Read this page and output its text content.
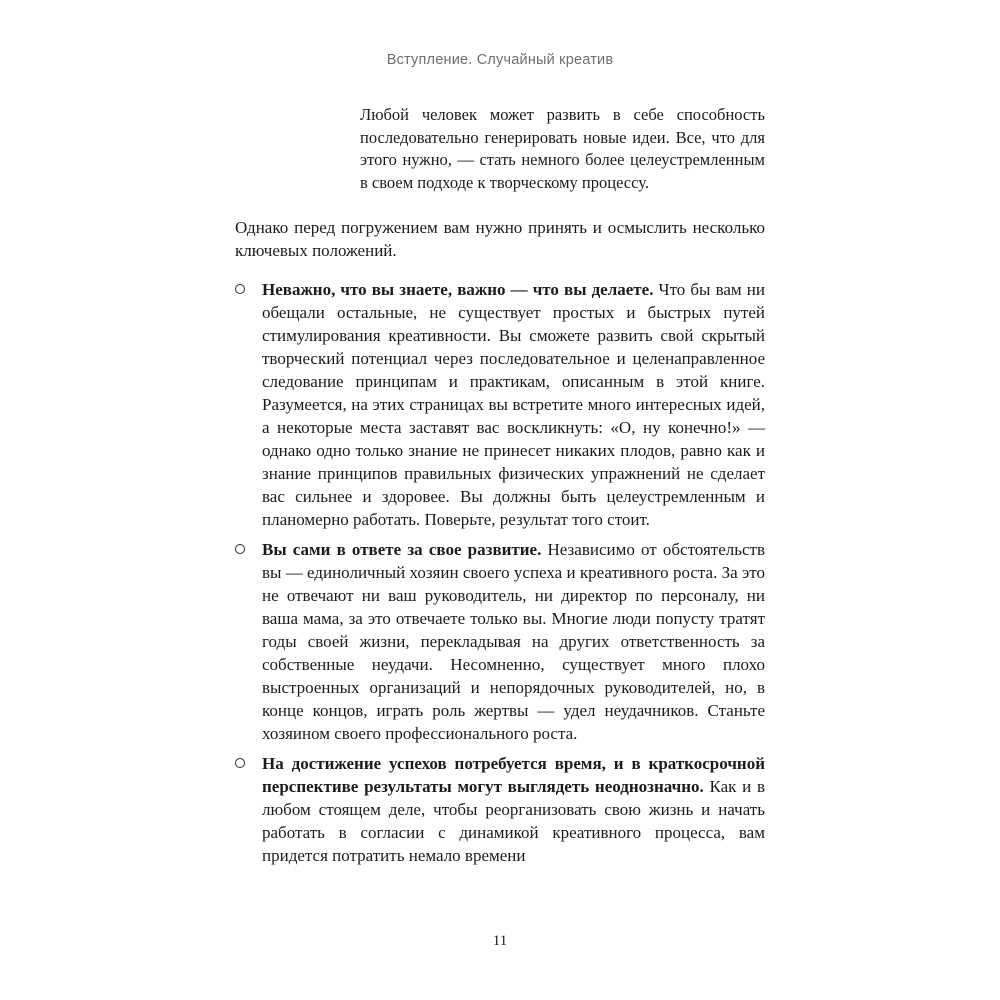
Вступление. Случайный креатив
Любой человек может развить в себе способность последовательно генерировать новые идеи. Все, что для этого нужно, — стать немного более целеустремленным в своем подходе к творческому процессу.

Однако перед погружением вам нужно принять и осмыслить несколько ключевых положений.

Неважно, что вы знаете, важно — что вы делаете. Что бы вам ни обещали остальные, не существует простых и быстрых путей стимулирования креативности. Вы сможете развить свой скрытый творческий потенциал через последовательное и целенаправленное следование принципам и практикам, описанным в этой книге. Разумеется, на этих страницах вы встретите много интересных идей, а некоторые места заставят вас воскликнуть: «О, ну конечно!» — однако одно только знание не принесет никаких плодов, равно как и знание принципов правильных физических упражнений не сделает вас сильнее и здоровее. Вы должны быть целеустремленным и планомерно работать. Поверьте, результат того стоит.

Вы сами в ответе за свое развитие. Независимо от обстоятельств вы — единоличный хозяин своего успеха и креативного роста. За это не отвечают ни ваш руководитель, ни директор по персоналу, ни ваша мама, за это отвечаете только вы. Многие люди попусту тратят годы своей жизни, перекладывая на других ответственность за собственные неудачи. Несомненно, существует много плохо выстроенных организаций и непорядочных руководителей, но, в конце концов, играть роль жертвы — удел неудачников. Станьте хозяином своего профессионального роста.

На достижение успехов потребуется время, и в краткосрочной перспективе результаты могут выглядеть неоднозначно. Как и в любом стоящем деле, чтобы реорганизовать свою жизнь и начать работать в согласии с динамикой креативного процесса, вам придется потратить немало времени

11
